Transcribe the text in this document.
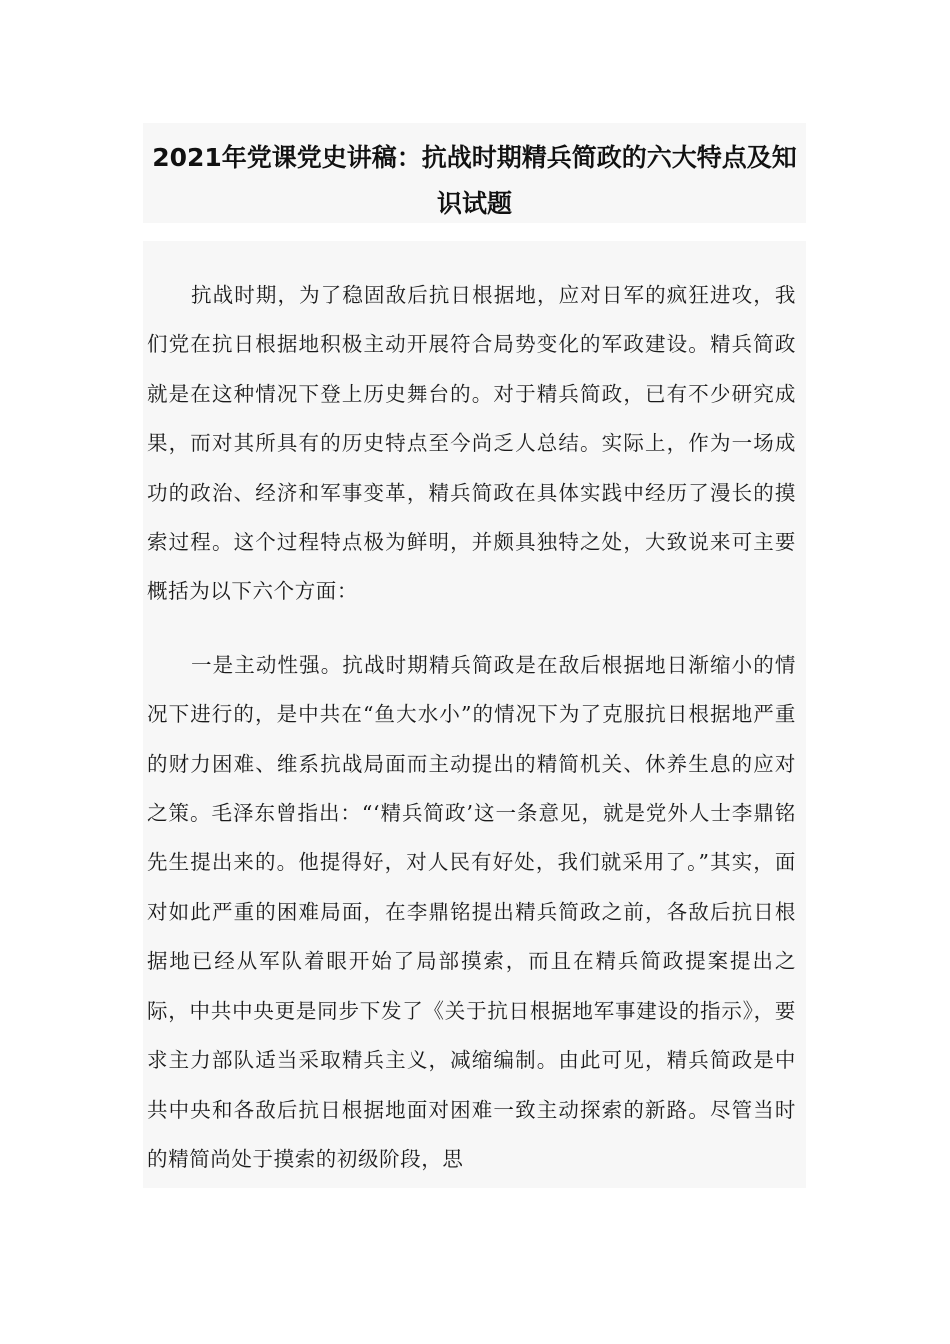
2021年党课党史讲稿：抗战时期精兵简政的六大特点及知识试题

抗战时期，为了稳固敌后抗日根据地，应对日军的疯狂进攻，我们党在抗日根据地积极主动开展符合局势变化的军政建设。精兵简政就是在这种情况下登上历史舞台的。对于精兵简政，已有不少研究成果，而对其所具有的历史特点至今尚乏人总结。实际上，作为一场成功的政治、经济和军事变革，精兵简政在具体实践中经历了漫长的摸索过程。这个过程特点极为鲜明，并颇具独特之处，大致说来可主要概括为以下六个方面：

一是主动性强。抗战时期精兵简政是在敌后根据地日渐缩小的情况下进行的，是中共在“鱼大水小”的情况下为了克服抗日根据地严重的财力困难、维系抗战局面而主动提出的精简机关、休养生息的应对之策。毛泽东曾指出：“‘精兵简政’这一条意见，就是党外人士李鼎铭先生提出来的。他提得好，对人民有好处，我们就采用了。”其实，面对如此严重的困难局面，在李鼎铭提出精兵简政之前，各敌后抗日根据地已经从军队着眼开始了局部摸索，而且在精兵简政提案提出之际，中共中央更是同步下发了《关于抗日根据地军事建设的指示》，要求主力部队适当采取精兵主义，减缩编制。由此可见，精兵简政是中共中央和各敌后抗日根据地面对困难一致主动探索的新路。尽管当时的精简尚处于摸索的初级阶段，思
